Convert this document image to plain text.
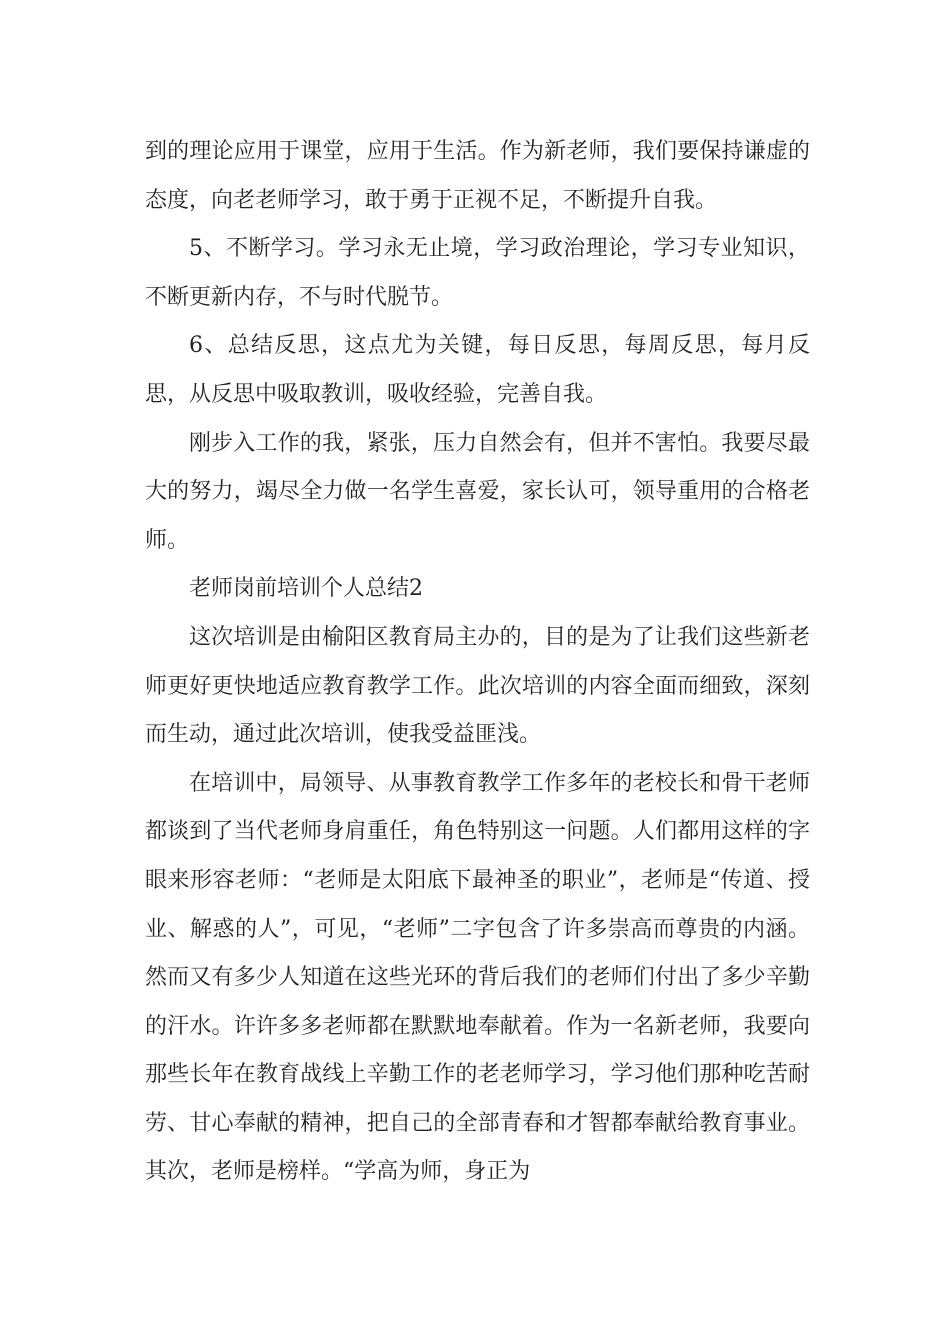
到的理论应用于课堂，应用于生活。作为新老师，我们要保持谦虚的态度，向老老师学习，敢于勇于正视不足，不断提升自我。

5、不断学习。学习永无止境，学习政治理论，学习专业知识，不断更新内存，不与时代脱节。

6、总结反思，这点尤为关键，每日反思，每周反思，每月反思，从反思中吸取教训，吸收经验，完善自我。

刚步入工作的我，紧张，压力自然会有，但并不害怕。我要尽最大的努力，竭尽全力做一名学生喜爱，家长认可，领导重用的合格老师。

老师岗前培训个人总结2

这次培训是由榆阳区教育局主办的，目的是为了让我们这些新老师更好更快地适应教育教学工作。此次培训的内容全面而细致，深刻而生动，通过此次培训，使我受益匪浅。

在培训中，局领导、从事教育教学工作多年的老校长和骨干老师都谈到了当代老师身肩重任，角色特别这一问题。人们都用这样的字眼来形容老师：“老师是太阳底下最神圣的职业”，老师是“传道、授业、解惑的人”，可见，“老师”二字包含了许多崇高而尊贵的内涵。然而又有多少人知道在这些光环的背后我们的老师们付出了多少辛勤的汗水。许许多多老师都在默默地奉献着。作为一名新老师，我要向那些长年在教育战线上辛勤工作的老老师学习，学习他们那种吃苦耐劳、甘心奉献的精神，把自己的全部青春和才智都奉献给教育事业。其次，老师是榜样。“学高为师，身正为
